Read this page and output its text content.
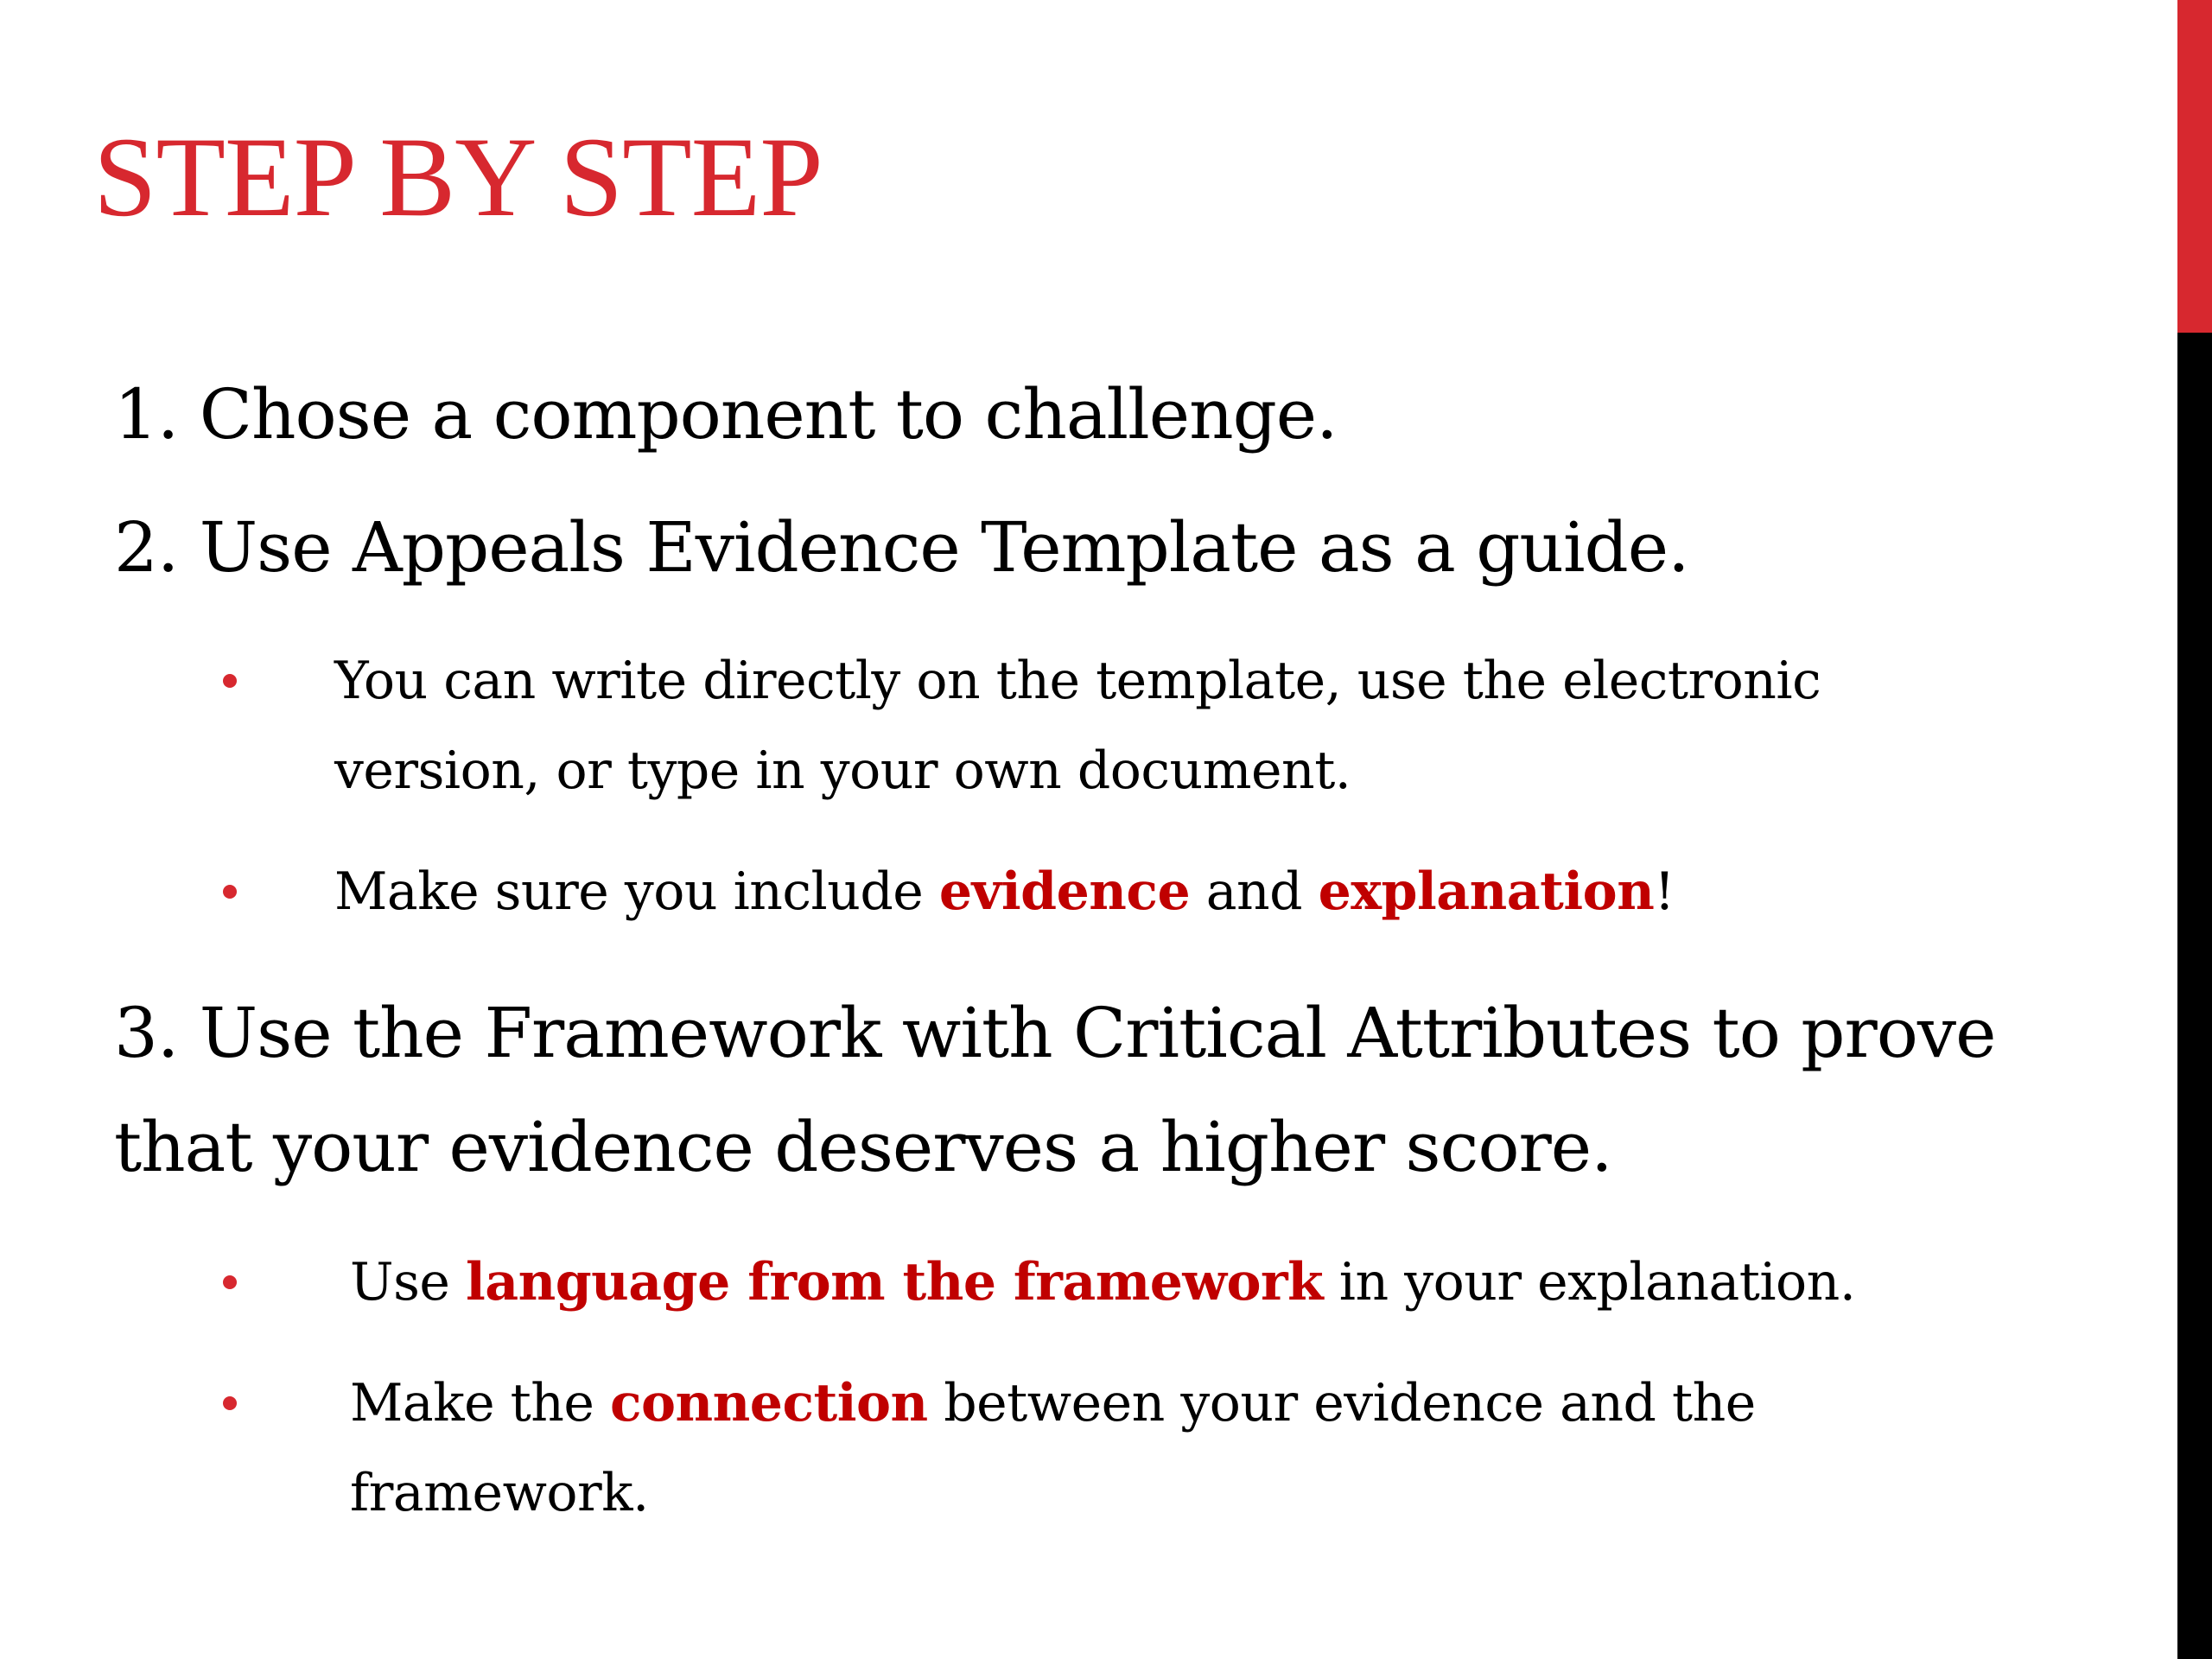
STEP BY STEP
1. Chose a component to challenge.
2. Use Appeals Evidence Template as a guide.
You can write directly on the template, use the electronic version, or type in your own document.
Make sure you include evidence and explanation!
3. Use the Framework with Critical Attributes to prove that your evidence deserves a higher score.
Use language from the framework in your explanation.
Make the connection between your evidence and the framework.
